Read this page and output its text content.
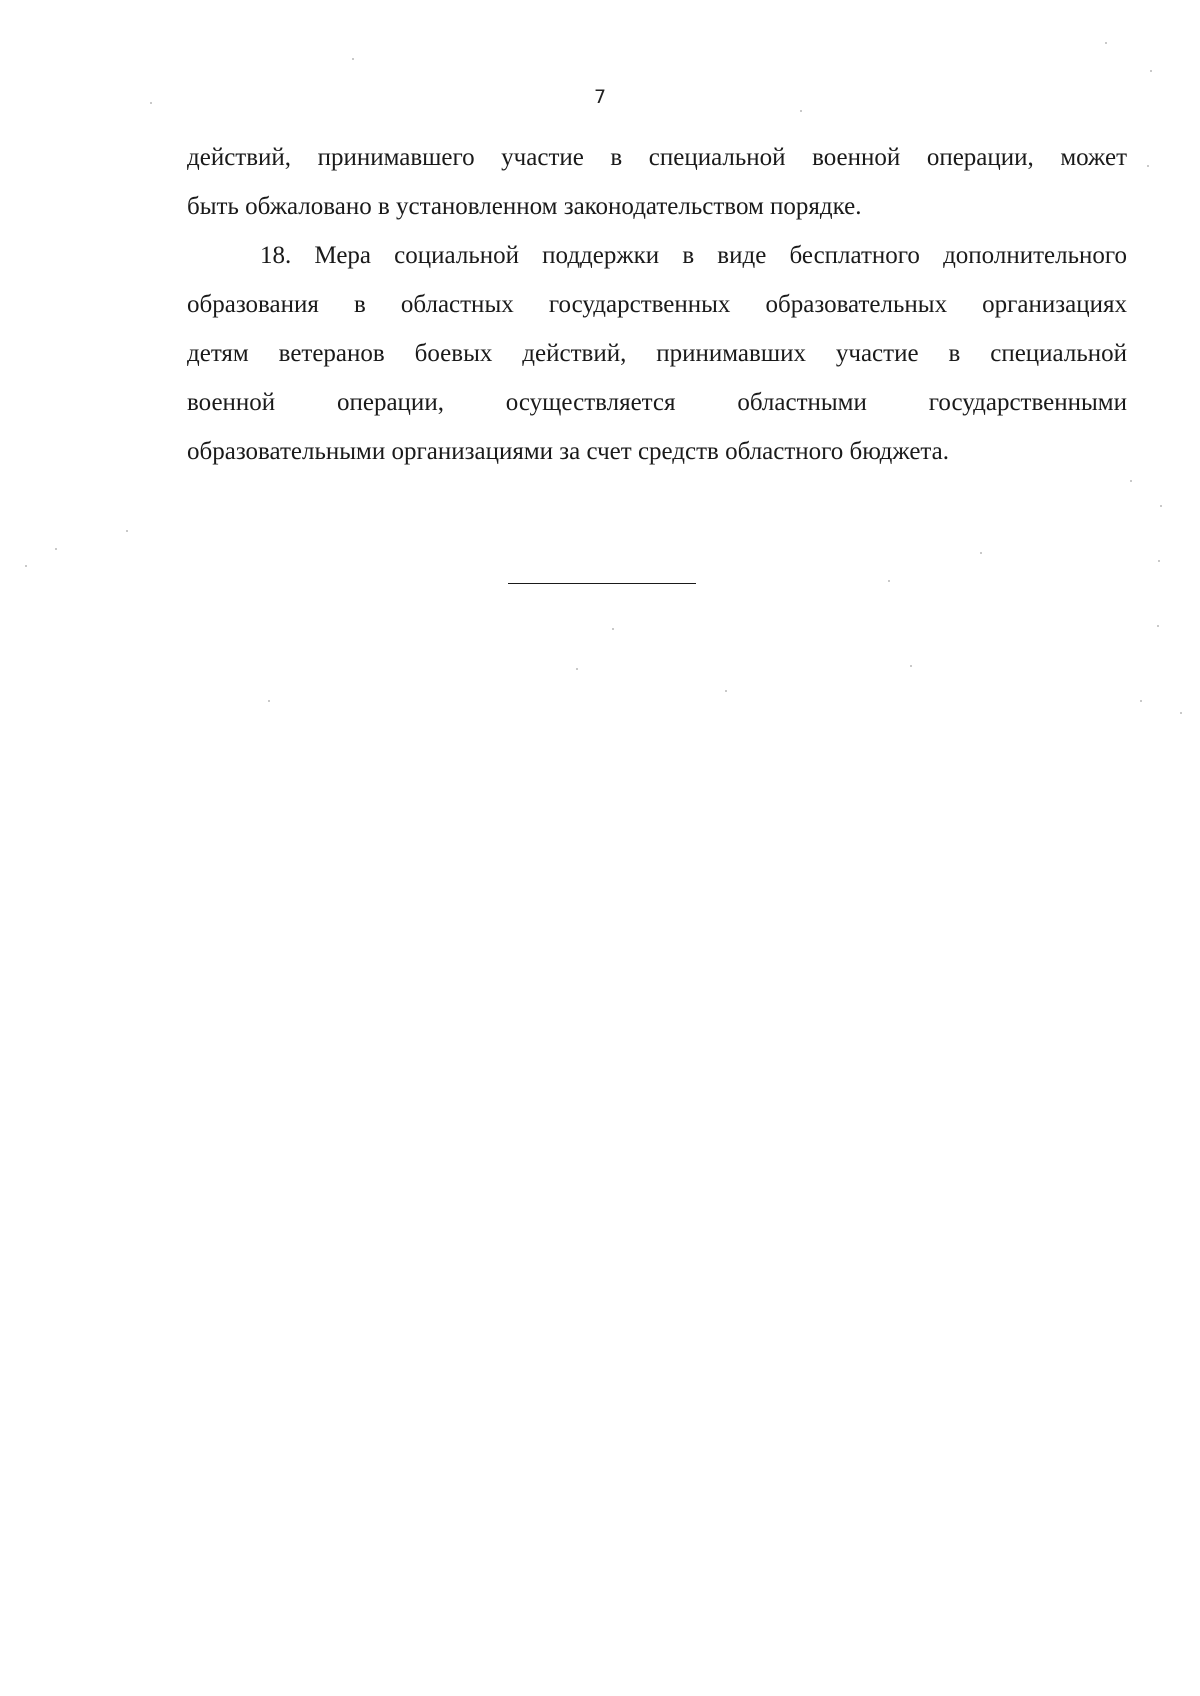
7

действий, принимавшего участие в специальной военной операции, может
быть обжаловано в установленном законодательством порядке.

18. Мера социальной поддержки в виде бесплатного дополнительного
образования в областных государственных образовательных организациях
детям ветеранов боевых действий, принимавших участие в специальной
военной операции, осуществляется областными государственными
образовательными организациями за счет средств областного бюджета.
